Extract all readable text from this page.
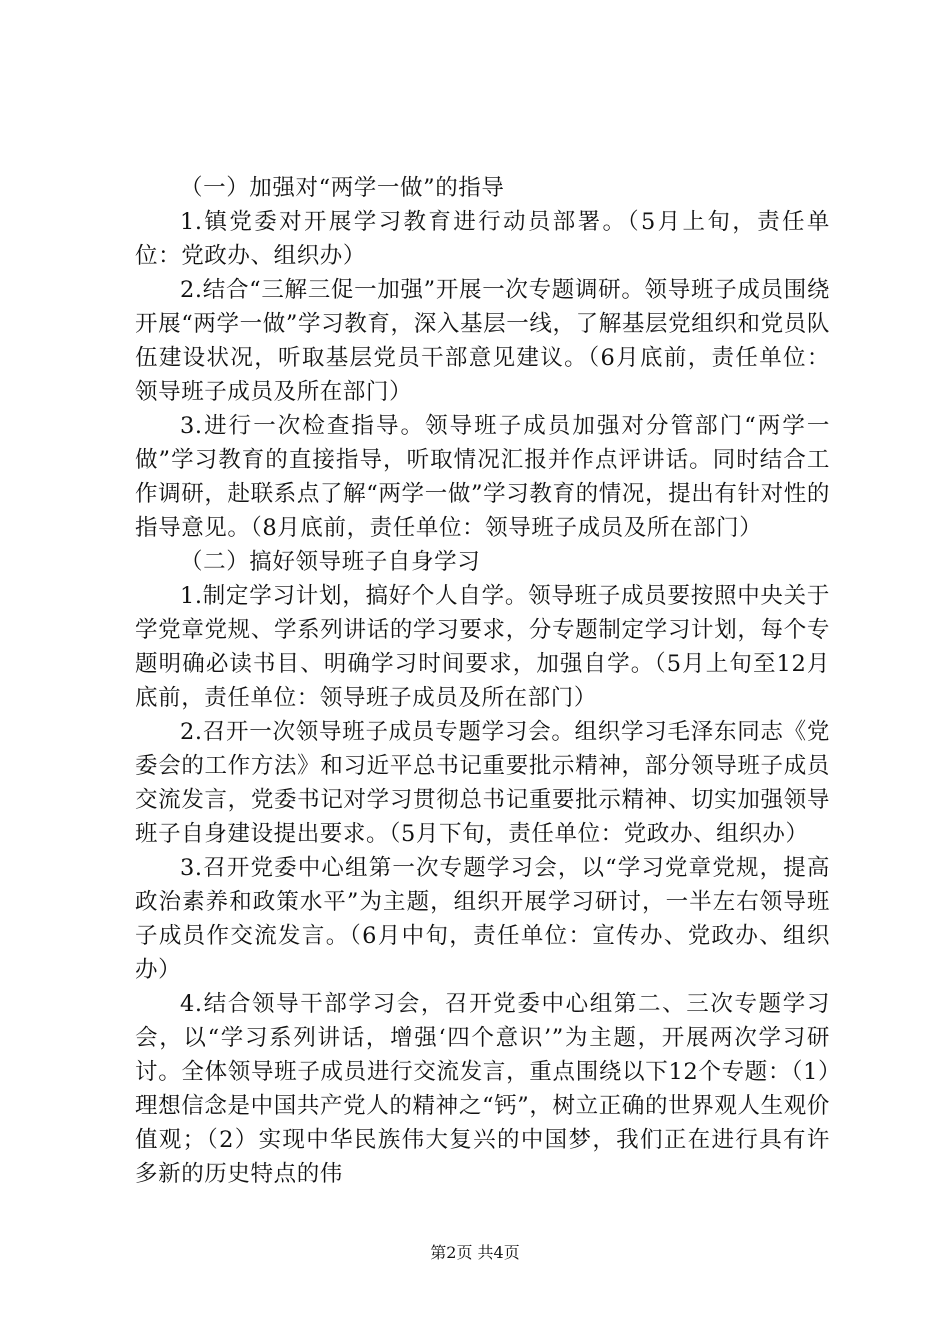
（一）加强对“两学一做”的指导

1.镇党委对开展学习教育进行动员部署。（5月上旬，责任单位：党政办、组织办）

2.结合“三解三促一加强”开展一次专题调研。领导班子成员围绕开展“两学一做”学习教育，深入基层一线，了解基层党组织和党员队伍建设状况，听取基层党员干部意见建议。（6月底前，责任单位：领导班子成员及所在部门）

3.进行一次检查指导。领导班子成员加强对分管部门“两学一做”学习教育的直接指导，听取情况汇报并作点评讲话。同时结合工作调研，赴联系点了解“两学一做”学习教育的情况，提出有针对性的指导意见。（8月底前，责任单位：领导班子成员及所在部门）

（二）搞好领导班子自身学习

1.制定学习计划，搞好个人自学。领导班子成员要按照中央关于学党章党规、学系列讲话的学习要求，分专题制定学习计划，每个专题明确必读书目、明确学习时间要求，加强自学。（5月上旬至12月底前，责任单位：领导班子成员及所在部门）

2.召开一次领导班子成员专题学习会。组织学习毛泽东同志《党委会的工作方法》和习近平总书记重要批示精神，部分领导班子成员交流发言，党委书记对学习贯彻总书记重要批示精神、切实加强领导班子自身建设提出要求。（5月下旬，责任单位：党政办、组织办）

3.召开党委中心组第一次专题学习会，以“学习党章党规，提高政治素养和政策水平”为主题，组织开展学习研讨，一半左右领导班子成员作交流发言。（6月中旬，责任单位：宣传办、党政办、组织办）

4.结合领导干部学习会，召开党委中心组第二、三次专题学习会，以“学习系列讲话，增强‘四个意识’”为主题，开展两次学习研讨。全体领导班子成员进行交流发言，重点围绕以下12个专题：（1）理想信念是中国共产党人的精神之“钙”，树立正确的世界观人生观价值观；（2）实现中华民族伟大复兴的中国梦，我们正在进行具有许多新的历史特点的伟

第2页 共4页
